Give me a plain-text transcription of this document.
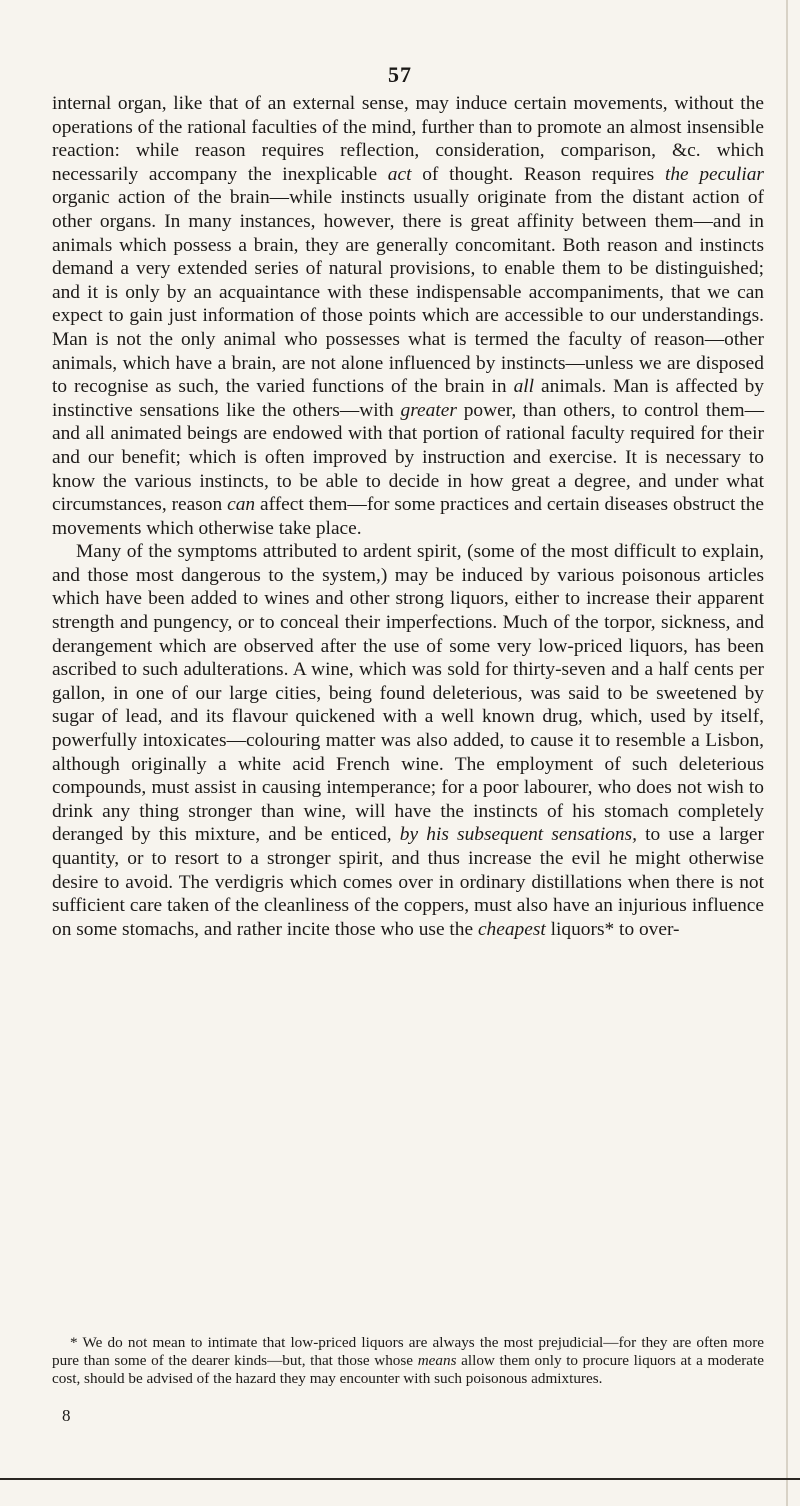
57

internal organ, like that of an external sense, may induce certain movements, without the operations of the rational faculties of the mind, further than to promote an almost insensible reaction: while reason requires reflection, consideration, comparison, &c. which necessarily accompany the inexplicable act of thought. Reason requires the peculiar organic action of the brain—while instincts usually originate from the distant action of other organs. In many instances, however, there is great affinity between them—and in animals which possess a brain, they are generally concomitant. Both reason and instincts demand a very extended series of natural provisions, to enable them to be distinguished; and it is only by an acquaintance with these indispensable accompaniments, that we can expect to gain just information of those points which are accessible to our understandings. Man is not the only animal who possesses what is termed the faculty of reason—other animals, which have a brain, are not alone influenced by instincts—unless we are disposed to recognise as such, the varied functions of the brain in all animals. Man is affected by instinctive sensations like the others—with greater power, than others, to control them—and all animated beings are endowed with that portion of rational faculty required for their and our benefit; which is often improved by instruction and exercise. It is necessary to know the various instincts, to be able to decide in how great a degree, and under what circumstances, reason can affect them—for some practices and certain diseases obstruct the movements which otherwise take place.

Many of the symptoms attributed to ardent spirit, (some of the most difficult to explain, and those most dangerous to the system,) may be induced by various poisonous articles which have been added to wines and other strong liquors, either to increase their apparent strength and pungency, or to conceal their imperfections. Much of the torpor, sickness, and derangement which are observed after the use of some very low-priced liquors, has been ascribed to such adulterations. A wine, which was sold for thirty-seven and a half cents per gallon, in one of our large cities, being found deleterious, was said to be sweetened by sugar of lead, and its flavour quickened with a well known drug, which, used by itself, powerfully intoxicates—colouring matter was also added, to cause it to resemble a Lisbon, although originally a white acid French wine. The employment of such deleterious compounds, must assist in causing intemperance; for a poor labourer, who does not wish to drink any thing stronger than wine, will have the instincts of his stomach completely deranged by this mixture, and be enticed, by his subsequent sensations, to use a larger quantity, or to resort to a stronger spirit, and thus increase the evil he might otherwise desire to avoid. The verdigris which comes over in ordinary distillations when there is not sufficient care taken of the cleanliness of the coppers, must also have an injurious influence on some stomachs, and rather incite those who use the cheapest liquors* to over-

* We do not mean to intimate that low-priced liquors are always the most prejudicial—for they are often more pure than some of the dearer kinds—but, that those whose means allow them only to procure liquors at a moderate cost, should be advised of the hazard they may encounter with such poisonous admixtures.

8
